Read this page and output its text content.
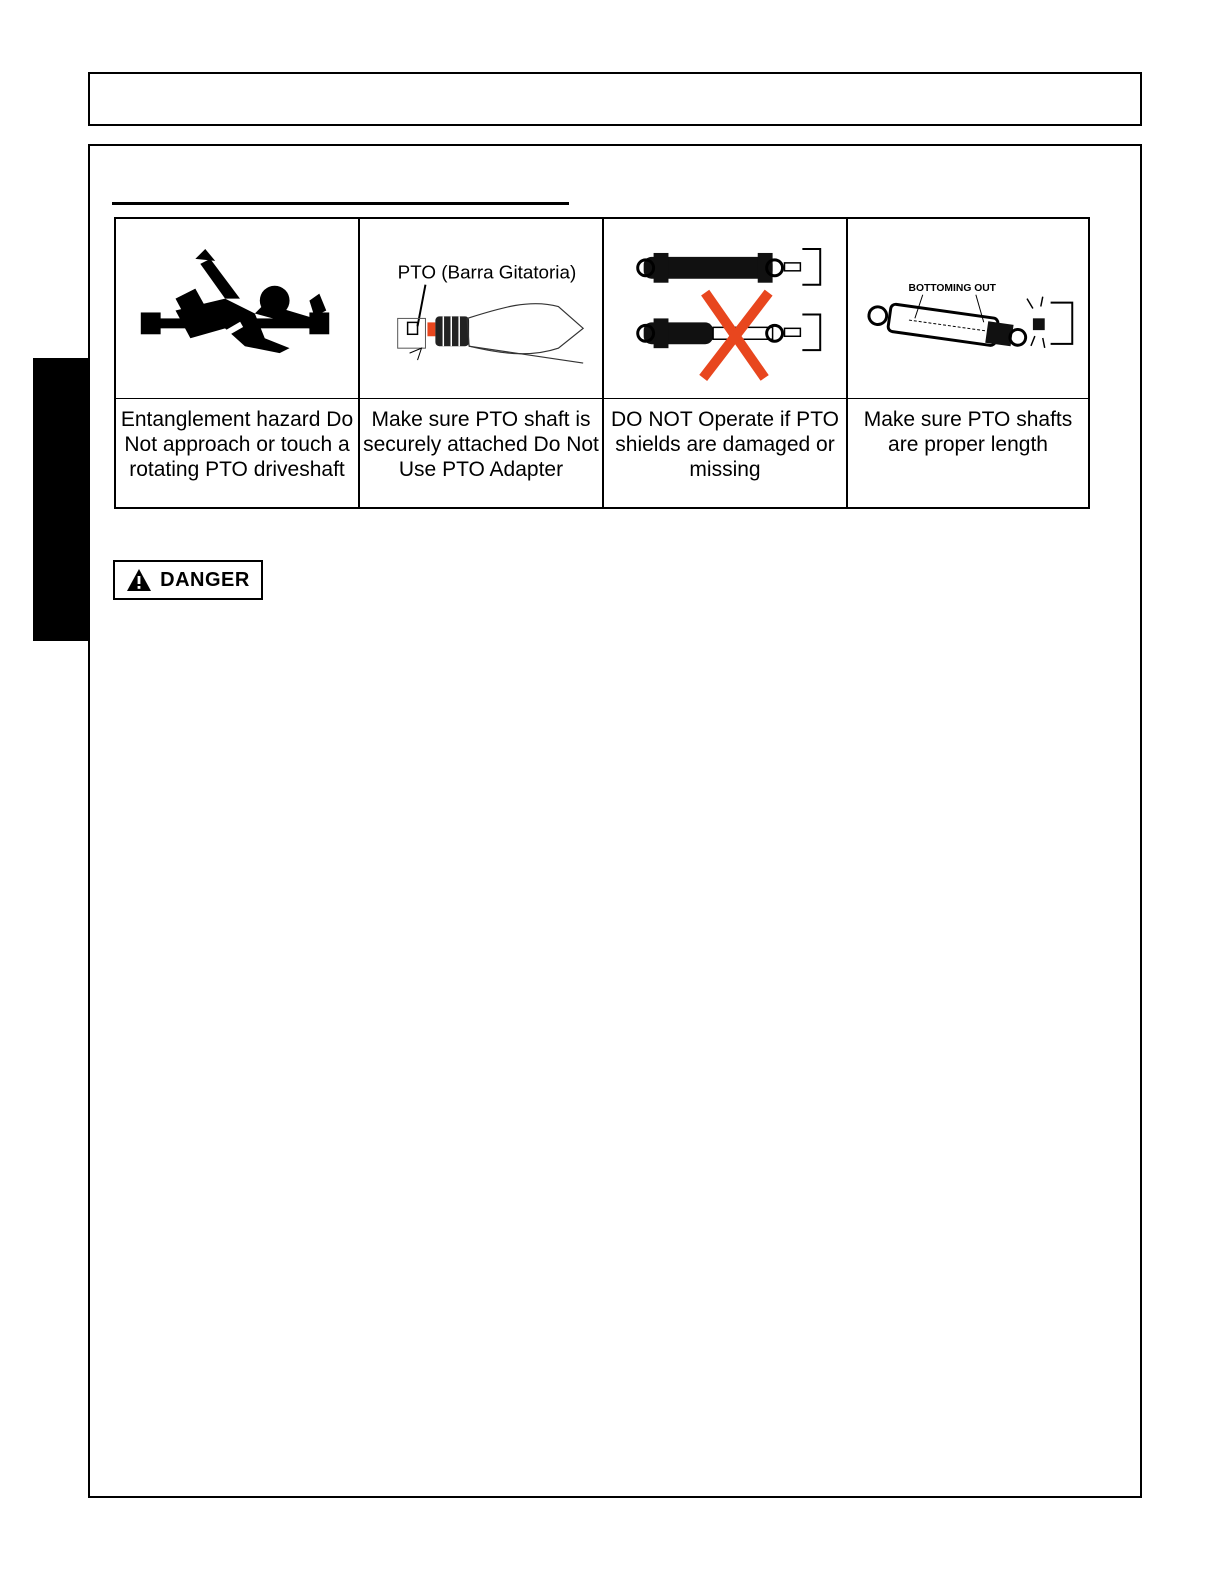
PTO (Barra Gitatoria)
BOTTOMING OUT
Entanglement hazard Do Not approach or touch a rotating PTO driveshaft
Make sure PTO shaft is securely attached Do Not Use PTO Adapter
DO NOT Operate if PTO shields are damaged or missing
Make sure PTO shafts are proper length
DANGER
